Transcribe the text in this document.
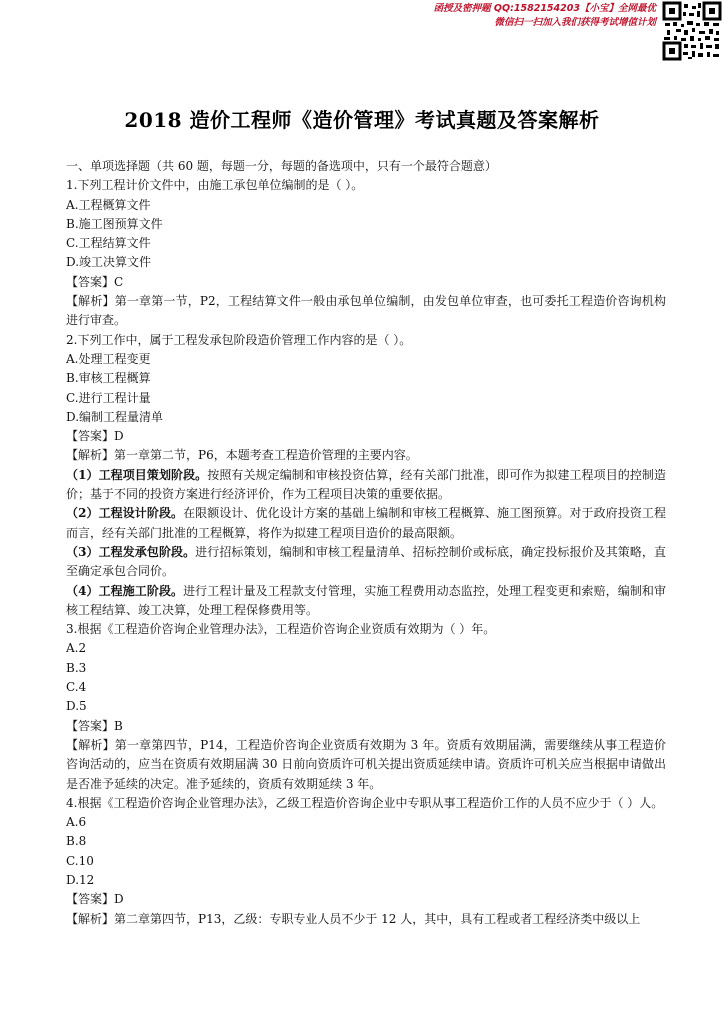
函授及密押题 QQ:1582154203【小宝】全网最优
微信扫一扫加入我们获得考试增值计划
2018 造价工程师《造价管理》考试真题及答案解析
一、单项选择题（共 60 题，每题一分，每题的备选项中，只有一个最符合题意）
1.下列工程计价文件中，由施工承包单位编制的是（ ）。
A.工程概算文件
B.施工图预算文件
C.工程结算文件
D.竣工决算文件
【答案】C
【解析】第一章第一节，P2，工程结算文件一般由承包单位编制，由发包单位审查，也可委托工程造价咨询机构进行审查。
2.下列工作中，属于工程发承包阶段造价管理工作内容的是（ ）。
A.处理工程变更
B.审核工程概算
C.进行工程计量
D.编制工程量清单
【答案】D
【解析】第一章第二节，P6，本题考查工程造价管理的主要内容。
（1）工程项目策划阶段。按照有关规定编制和审核投资估算，经有关部门批准，即可作为拟建工程项目的控制造价；基于不同的投资方案进行经济评价，作为工程项目决策的重要依据。
（2）工程设计阶段。在限额设计、优化设计方案的基础上编制和审核工程概算、施工图预算。对于政府投资工程而言，经有关部门批准的工程概算，将作为拟建工程项目造价的最高限额。
（3）工程发承包阶段。进行招标策划，编制和审核工程量清单、招标控制价或标底，确定投标报价及其策略，直至确定承包合同价。
（4）工程施工阶段。进行工程计量及工程款支付管理，实施工程费用动态监控，处理工程变更和索赔，编制和审核工程结算、竣工决算，处理工程保修费用等。
3.根据《工程造价咨询企业管理办法》，工程造价咨询企业资质有效期为（ ）年。
A.2
B.3
C.4
D.5
【答案】B
【解析】第一章第四节，P14，工程造价咨询企业资质有效期为 3 年。资质有效期届满，需要继续从事工程造价咨询活动的，应当在资质有效期届满 30 日前向资质许可机关提出资质延续申请。资质许可机关应当根据申请做出是否准予延续的决定。准予延续的，资质有效期延续 3 年。
4.根据《工程造价咨询企业管理办法》，乙级工程造价咨询企业中专职从事工程造价工作的人员不应少于（ ）人。
A.6
B.8
C.10
D.12
【答案】D
【解析】第二章第四节，P13，乙级：专职专业人员不少于 12 人，其中，具有工程或者工程经济类中级以上
